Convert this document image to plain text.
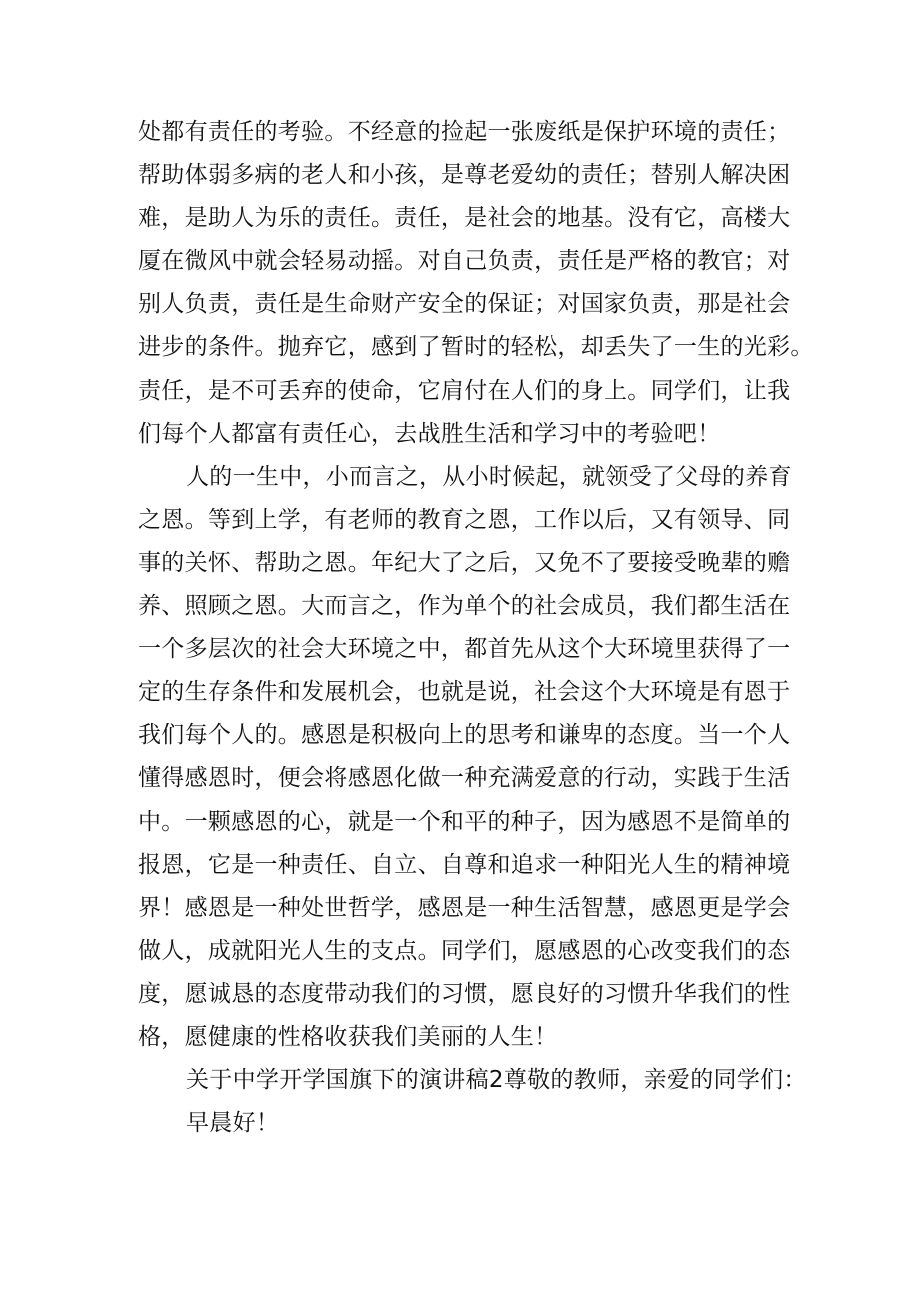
处都有责任的考验。不经意的捡起一张废纸是保护环境的责任；
帮助体弱多病的老人和小孩，是尊老爱幼的责任；替别人解决困
难，是助人为乐的责任。责任，是社会的地基。没有它，高楼大
厦在微风中就会轻易动摇。对自己负责，责任是严格的教官；对
别人负责，责任是生命财产安全的保证；对国家负责，那是社会
进步的条件。抛弃它，感到了暂时的轻松，却丢失了一生的光彩。
责任，是不可丢弃的使命，它肩付在人们的身上。同学们，让我
们每个人都富有责任心，去战胜生活和学习中的考验吧！
人的一生中，小而言之，从小时候起，就领受了父母的养育
之恩。等到上学，有老师的教育之恩，工作以后，又有领导、同
事的关怀、帮助之恩。年纪大了之后，又免不了要接受晚辈的赡
养、照顾之恩。大而言之，作为单个的社会成员，我们都生活在
一个多层次的社会大环境之中，都首先从这个大环境里获得了一
定的生存条件和发展机会，也就是说，社会这个大环境是有恩于
我们每个人的。感恩是积极向上的思考和谦卑的态度。当一个人
懂得感恩时，便会将感恩化做一种充满爱意的行动，实践于生活
中。一颗感恩的心，就是一个和平的种子，因为感恩不是简单的
报恩，它是一种责任、自立、自尊和追求一种阳光人生的精神境
界！感恩是一种处世哲学，感恩是一种生活智慧，感恩更是学会
做人，成就阳光人生的支点。同学们，愿感恩的心改变我们的态
度，愿诚恳的态度带动我们的习惯，愿良好的习惯升华我们的性
格，愿健康的性格收获我们美丽的人生！
关于中学开学国旗下的演讲稿2尊敬的教师，亲爱的同学们：
早晨好！
